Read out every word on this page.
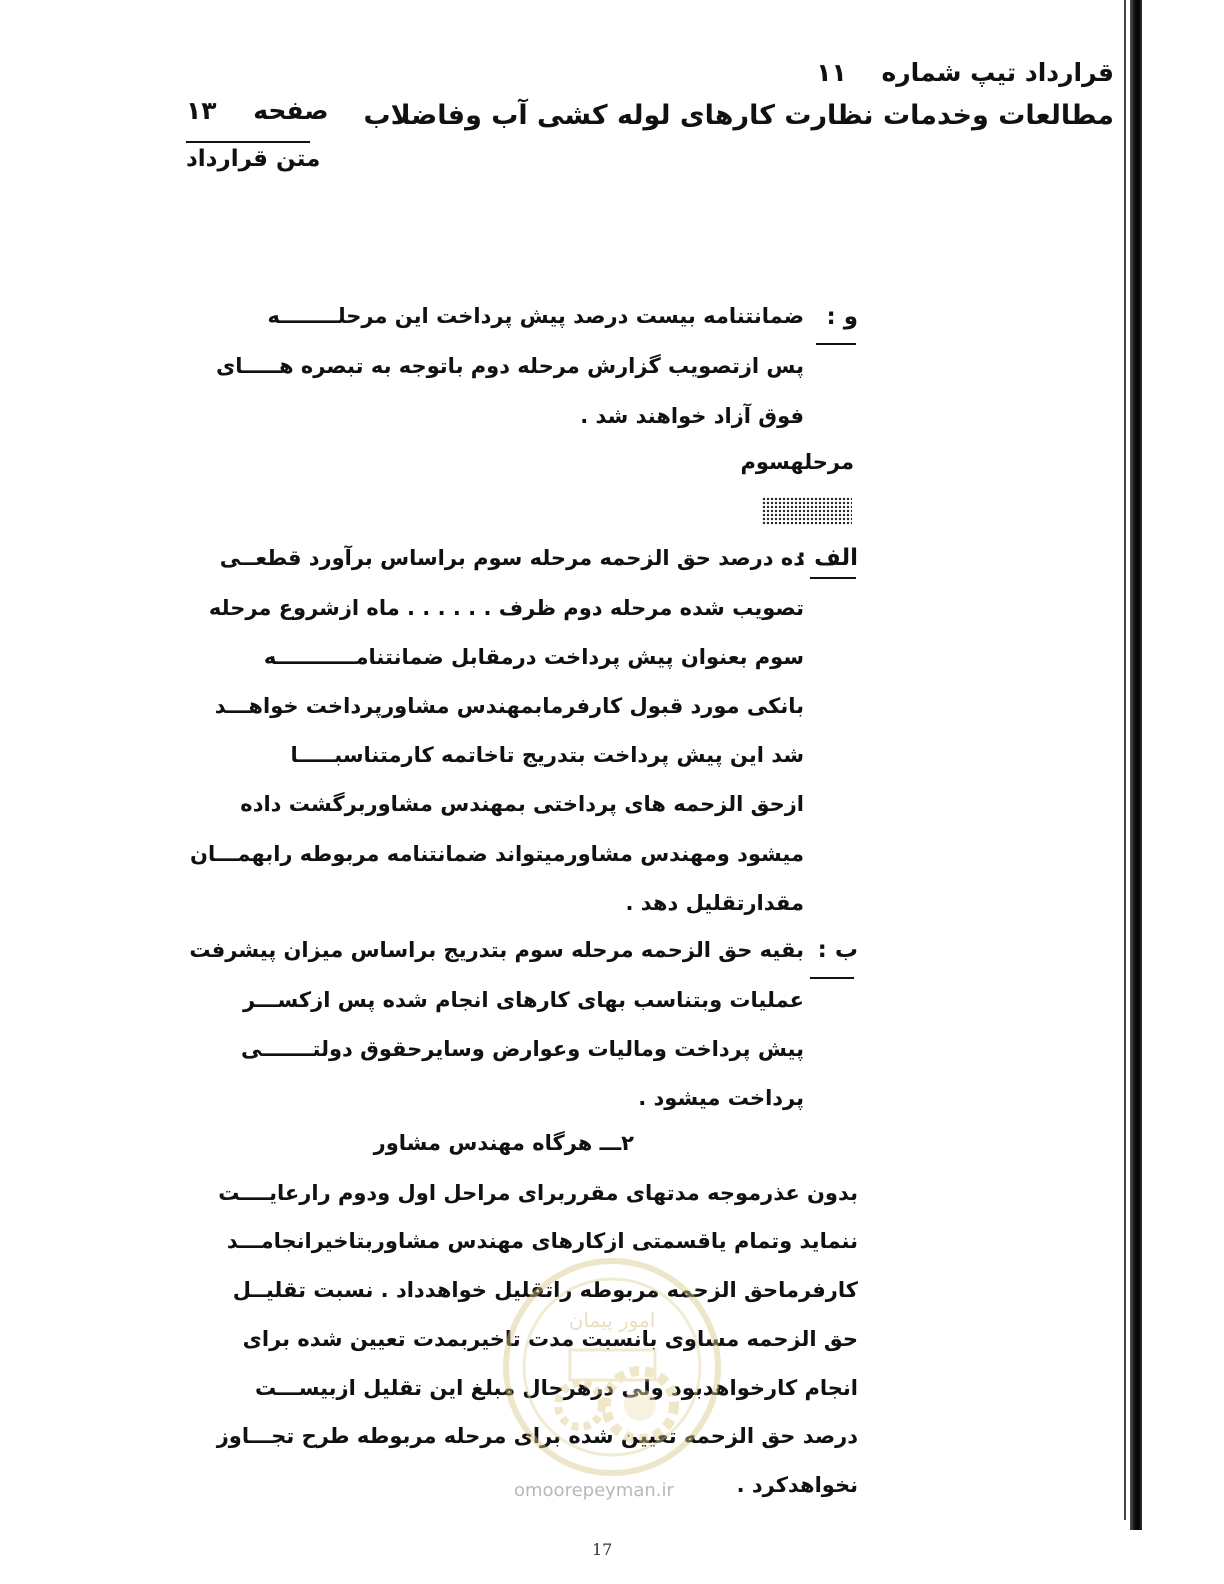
قرارداد تیپ شماره ۱۱
مطالعات وخدمات نظارت کارهای لوله کشی آب وفاضلاب
صفحه ۱۳
متن قرارداد
و :
ضمانتنامه بیست درصد پیش پرداخت این مرحلــــــــه
پس ازتصویب گزارش مرحله دوم باتوجه به تبصره هـــــای
فوق آزاد خواهند شد .
مرحلهسوم
الف :
ده درصد حق الزحمه مرحله سوم براساس برآورد قطعــی
تصویب شده مرحله دوم ظرف . . . . . . ماه ازشروع مرحله
سوم بعنوان پیش پرداخت درمقابل ضمانتنامـــــــــــه
بانکی مورد قبول کارفرمابمهندس مشاورپرداخت خواهـــد
شد این پیش پرداخت بتدریج تاخاتمه کارمتناسبـــــا
ازحق الزحمه های پرداختی بمهندس مشاوربرگشت داده
میشود ومهندس مشاورمیتواند ضمانتنامه مربوطه رابهمـــان
مقدارتقلیل دهد .
ب :
بقیه حق الزحمه مرحله سوم بتدریج براساس میزان پیشرفت
عملیات وبتناسب بهای کارهای انجام شده پس ازکســـر
پیش پرداخت ومالیات وعوارض وسایرحقوق دولتـــــــی
پرداخت میشود .
۲ـــ هرگاه مهندس مشاور
بدون عذرموجه مدتهای مقرربرای مراحل اول ودوم رارعایــــت
ننماید وتمام یاقسمتی ازکارهای مهندس مشاوربتاخیرانجامـــد
کارفرماحق الزحمه مربوطه راتقلیل خواهدداد . نسبت تقلیــل
حق الزحمه مساوی بانسبت مدت تاخیربمدت تعیین شده برای
انجام کارخواهدبود ولی درهرحال مبلغ این تقلیل ازبیســـت
درصد حق الزحمه تعیین شده برای مرحله مربوطه طرح تجـــاوز
نخواهدکرد .
امور پیمان
omoorepeyman.ir
17
